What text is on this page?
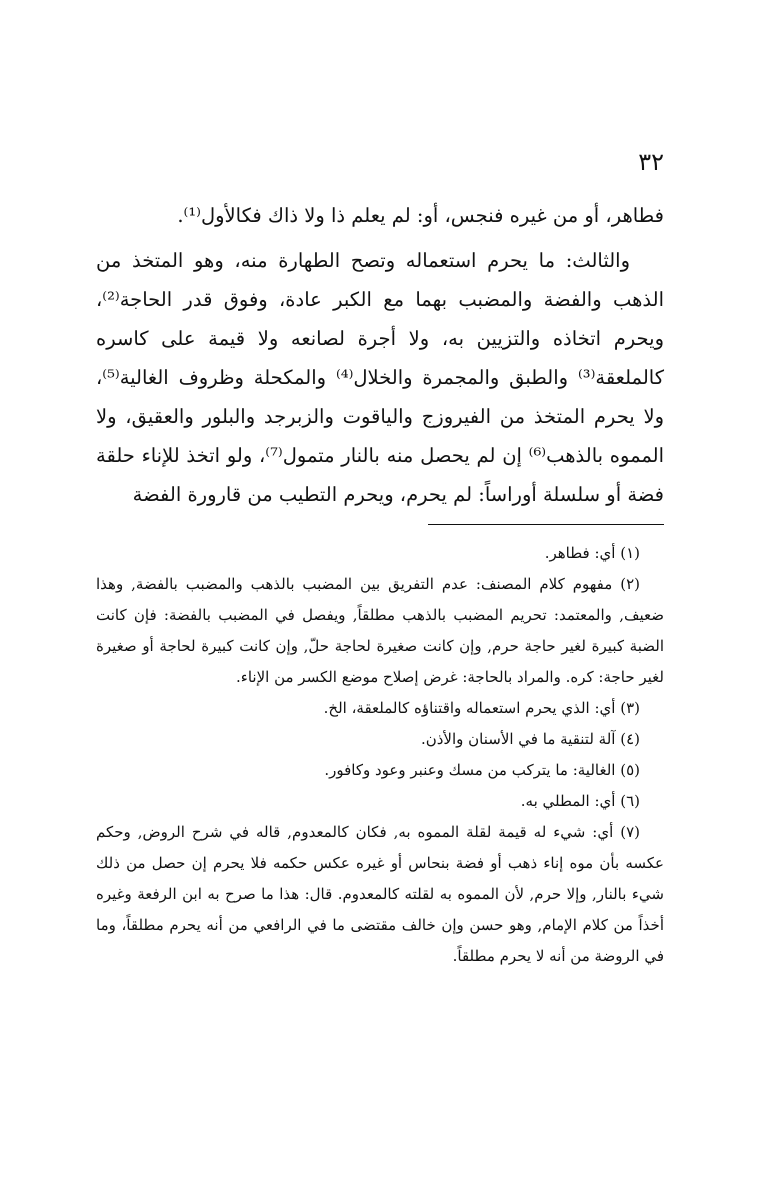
٣٢

فطاهر، أو من غيره فنجس، أو: لم يعلم ذا ولا ذاك فكالأول⁽¹⁾.

والثالث: ما يحرم استعماله وتصح الطهارة منه، وهو المتخذ من الذهب والفضة والمضبب بهما مع الكبر عادة، وفوق قدر الحاجة⁽²⁾، ويحرم اتخاذه والتزيين به، ولا أجرة لصانعه ولا قيمة على كاسره كالملعقة⁽³⁾ والطبق والمجمرة والخلال⁽⁴⁾ والمكحلة وظروف الغالية⁽⁵⁾، ولا يحرم المتخذ من الفيروزج والياقوت والزبرجد والبلور والعقيق، ولا المموه بالذهب⁽⁶⁾ إن لم يحصل منه بالنار متمول⁽⁷⁾، ولو اتخذ للإناء حلقة فضة أو سلسلة أوراساً: لم يحرم، ويحرم التطيب من قارورة الفضة

(١) أي: فطاهر.

(٢) مفهوم كلام المصنف: عدم التفريق بين المضبب بالذهب والمضبب بالفضة, وهذا ضعيف, والمعتمد: تحريم المضبب بالذهب مطلقاً, ويفصل في المضبب بالفضة: فإن كانت الضبة كبيرة لغير حاجة حرم, وإن كانت صغيرة لحاجة حلّ, وإن كانت كبيرة لحاجة أو صغيرة لغير حاجة: كره. والمراد بالحاجة: غرض إصلاح موضع الكسر من الإناء.

(٣) أي: الذي يحرم استعماله واقتناؤه كالملعقة، الخ.

(٤) آلة لتنقية ما في الأسنان والأذن.

(٥) الغالية: ما يتركب من مسك وعنبر وعود وكافور.

(٦) أي: المطلي به.

(٧) أي: شيء له قيمة لقلة المموه به, فكان كالمعدوم, قاله في شرح الروض, وحكم عكسه بأن موه إناء ذهب أو فضة بنحاس أو غيره عكس حكمه فلا يحرم إن حصل من ذلك شيء بالنار, وإلا حرم, لأن المموه به لقلته كالمعدوم. قال: هذا ما صرح به ابن الرفعة وغيره أخذاً من كلام الإمام, وهو حسن وإن خالف مقتضى ما في الرافعي من أنه يحرم مطلقاً، وما في الروضة من أنه لا يحرم مطلقاً.
